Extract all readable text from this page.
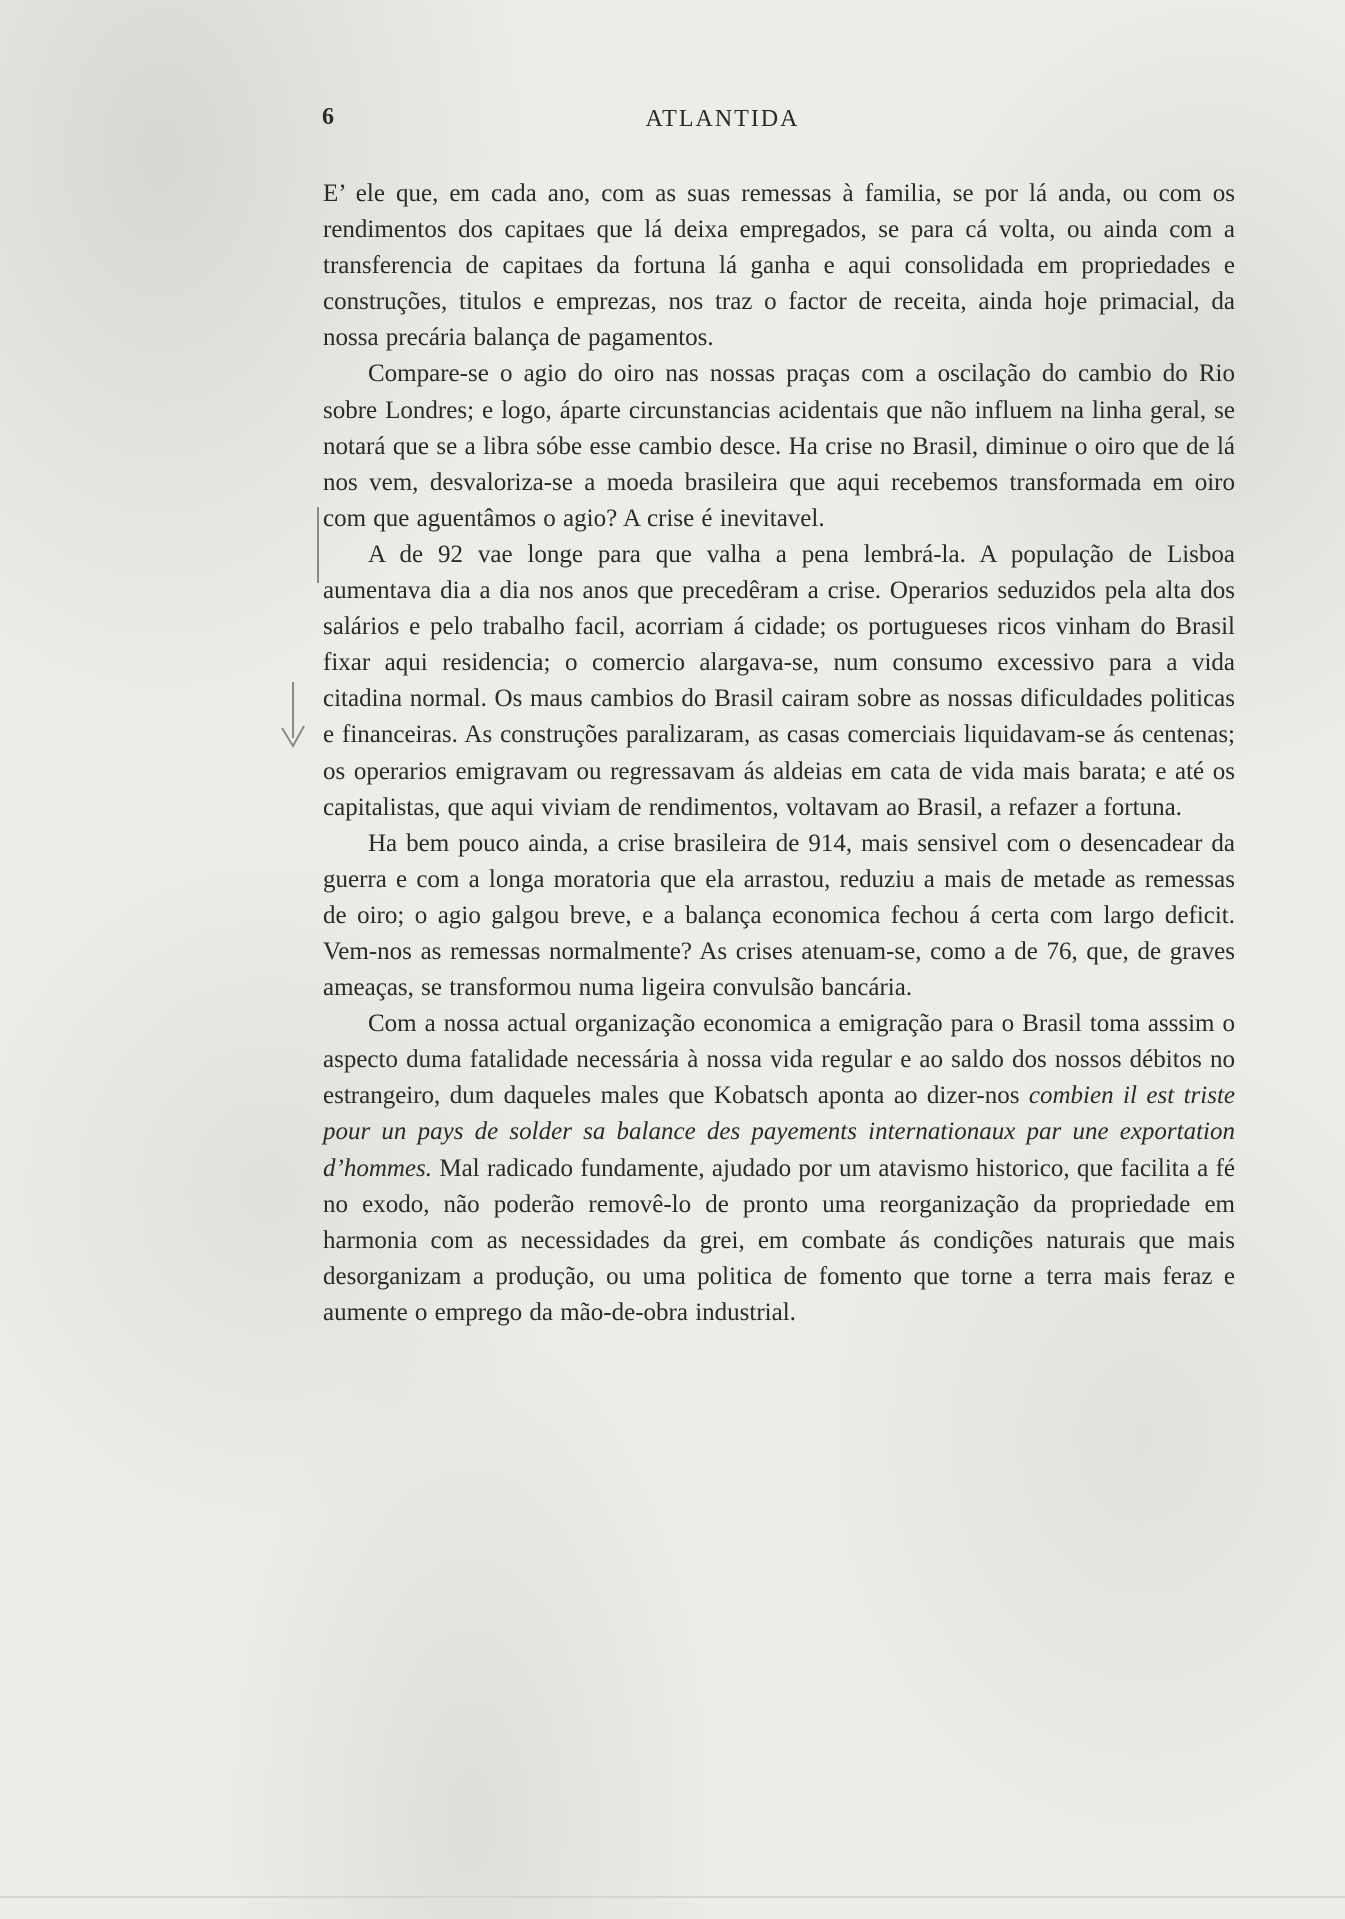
6	ATLANTIDA

E’ ele que, em cada ano, com as suas remessas à familia, se por lá anda, ou com os rendimentos dos capitaes que lá deixa empregados, se para cá volta, ou ainda com a transferencia de capitaes da fortuna lá ganha e aqui consolidada em propriedades e construções, titulos e emprezas, nos traz o factor de receita, ainda hoje primacial, da nossa precária balança de pagamentos.

Compare-se o agio do oiro nas nossas praças com a oscilação do cambio do Rio sobre Londres; e logo, áparte circunstancias acidentais que não influem na linha geral, se notará que se a libra sóbe esse cambio desce. Ha crise no Brasil, diminue o oiro que de lá nos vem, desvaloriza-se a moeda brasileira que aqui recebemos transformada em oiro com que aguentâmos o agio? A crise é inevitavel.

A de 92 vae longe para que valha a pena lembrá-la. A população de Lisboa aumentava dia a dia nos anos que precedêram a crise. Operarios seduzidos pela alta dos salários e pelo trabalho facil, acorriam á cidade; os portugueses ricos vinham do Brasil fixar aqui residencia; o comercio alargava-se, num consumo excessivo para a vida citadina normal. Os maus cambios do Brasil cairam sobre as nossas dificuldades politicas e financeiras. As construções paralizaram, as casas comerciais liquidavam-se ás centenas; os operarios emigravam ou regressavam ás aldeias em cata de vida mais barata; e até os capitalistas, que aqui viviam de rendimentos, voltavam ao Brasil, a refazer a fortuna.

Ha bem pouco ainda, a crise brasileira de 914, mais sensivel com o desencadear da guerra e com a longa moratoria que ela arrastou, reduziu a mais de metade as remessas de oiro; o agio galgou breve, e a balança economica fechou á certa com largo deficit. Vem-nos as remessas normalmente? As crises atenuam-se, como a de 76, que, de graves ameaças, se transformou numa ligeira convulsão bancária.

Com a nossa actual organização economica a emigração para o Brasil toma asssim o aspecto duma fatalidade necessária à nossa vida regular e ao saldo dos nossos débitos no estrangeiro, dum daqueles males que Kobatsch aponta ao dizer-nos combien il est triste pour un pays de solder sa balance des payements internationaux par une exportation d’hommes. Mal radicado fundamente, ajudado por um atavismo historico, que facilita a fé no exodo, não poderão removê-lo de pronto uma reorganização da propriedade em harmonia com as necessidades da grei, em combate ás condições naturais que mais desorganizam a produção, ou uma politica de fomento que torne a terra mais feraz e aumente o emprego da mão-de-obra industrial.
